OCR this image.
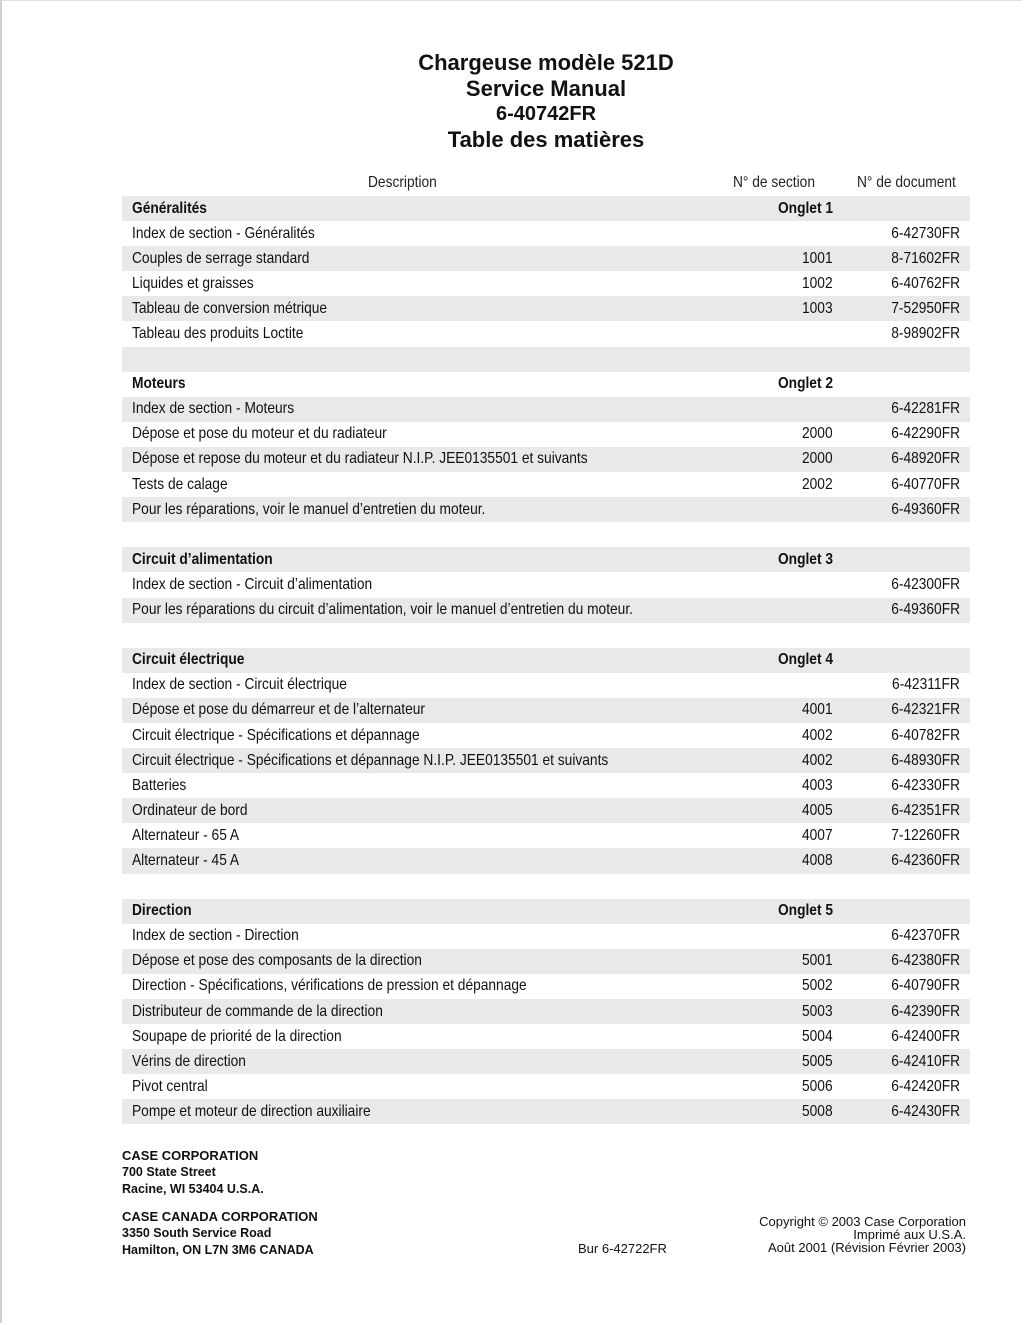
Chargeuse modèle 521D
Service Manual
6-40742FR
Table des matières
Description	N° de section	N° de document
Généralités	Onglet 1	
Index de section - Généralités		6-42730FR
Couples de serrage standard	1001	8-71602FR
Liquides et graisses	1002	6-40762FR
Tableau de conversion métrique	1003	7-52950FR
Tableau des produits Loctite		8-98902FR

Moteurs	Onglet 2	
Index de section - Moteurs		6-42281FR
Dépose et pose du moteur et du radiateur	2000	6-42290FR
Dépose et repose du moteur et du radiateur N.I.P. JEE0135501 et suivants	2000	6-48920FR
Tests de calage	2002	6-40770FR
Pour les réparations, voir le manuel d’entretien du moteur.		6-49360FR

Circuit d’alimentation	Onglet 3	
Index de section - Circuit d’alimentation		6-42300FR
Pour les réparations du circuit d’alimentation, voir le manuel d’entretien du moteur.		6-49360FR

Circuit électrique	Onglet 4	
Index de section - Circuit électrique		6-42311FR
Dépose et pose du démarreur et de l’alternateur	4001	6-42321FR
Circuit électrique - Spécifications et dépannage	4002	6-40782FR
Circuit électrique - Spécifications et dépannage N.I.P. JEE0135501 et suivants	4002	6-48930FR
Batteries	4003	6-42330FR
Ordinateur de bord	4005	6-42351FR
Alternateur - 65 A	4007	7-12260FR
Alternateur - 45 A	4008	6-42360FR

Direction	Onglet 5	
Index de section - Direction		6-42370FR
Dépose et pose des composants de la direction	5001	6-42380FR
Direction - Spécifications, vérifications de pression et dépannage	5002	6-40790FR
Distributeur de commande de la direction	5003	6-42390FR
Soupape de priorité de la direction	5004	6-42400FR
Vérins de direction	5005	6-42410FR
Pivot central	5006	6-42420FR
Pompe et moteur de direction auxiliaire	5008	6-42430FR
CASE CORPORATION
700 State Street
Racine, WI 53404 U.S.A.
CASE CANADA CORPORATION
3350 South Service Road
Hamilton, ON L7N 3M6 CANADA	Bur 6-42722FR
Copyright © 2003 Case Corporation
Imprimé aux U.S.A.
Août 2001 (Révision Février 2003)
